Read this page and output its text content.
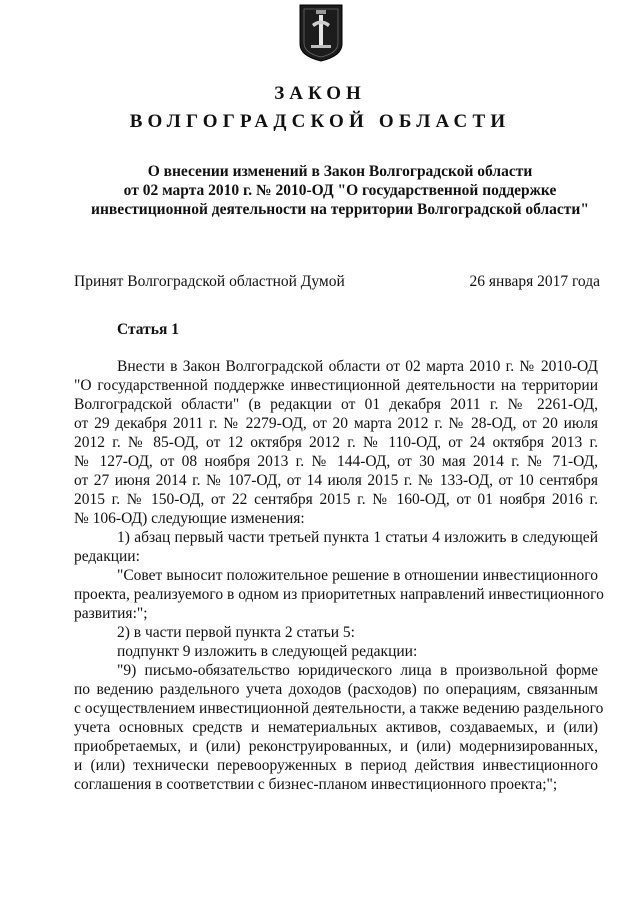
ЗАКОН
ВОЛГОГРАДСКОЙ ОБЛАСТИ
О внесении изменений в Закон Волгоградской области
от 02 марта 2010 г. № 2010-ОД "О государственной поддержке
инвестиционной деятельности на территории Волгоградской области"
Принят Волгоградской областной Думой	26 января 2017 года
Статья 1
Внести в Закон Волгоградской области от 02 марта 2010 г. № 2010-ОД
"О государственной поддержке инвестиционной деятельности на территории
Волгоградской области" (в редакции от 01 декабря 2011 г. № 2261-ОД,
от 29 декабря 2011 г. № 2279-ОД, от 20 марта 2012 г. № 28-ОД, от 20 июля
2012 г. № 85-ОД, от 12 октября 2012 г. № 110-ОД, от 24 октября 2013 г.
№ 127-ОД, от 08 ноября 2013 г. № 144-ОД, от 30 мая 2014 г. № 71-ОД,
от 27 июня 2014 г. № 107-ОД, от 14 июля 2015 г. № 133-ОД, от 10 сентября
2015 г. № 150-ОД, от 22 сентября 2015 г. № 160-ОД, от 01 ноября 2016 г.
№ 106-ОД) следующие изменения:
1) абзац первый части третьей пункта 1 статьи 4 изложить в следующей
редакции:
"Совет выносит положительное решение в отношении инвестиционного
проекта, реализуемого в одном из приоритетных направлений инвестиционного
развития:";
2) в части первой пункта 2 статьи 5:
подпункт 9 изложить в следующей редакции:
"9) письмо-обязательство юридического лица в произвольной форме
по ведению раздельного учета доходов (расходов) по операциям, связанным
с осуществлением инвестиционной деятельности, а также ведению раздельного
учета основных средств и нематериальных активов, создаваемых, и (или)
приобретаемых, и (или) реконструированных, и (или) модернизированных,
и (или) технически перевооруженных в период действия инвестиционного
соглашения в соответствии с бизнес-планом инвестиционного проекта;";
